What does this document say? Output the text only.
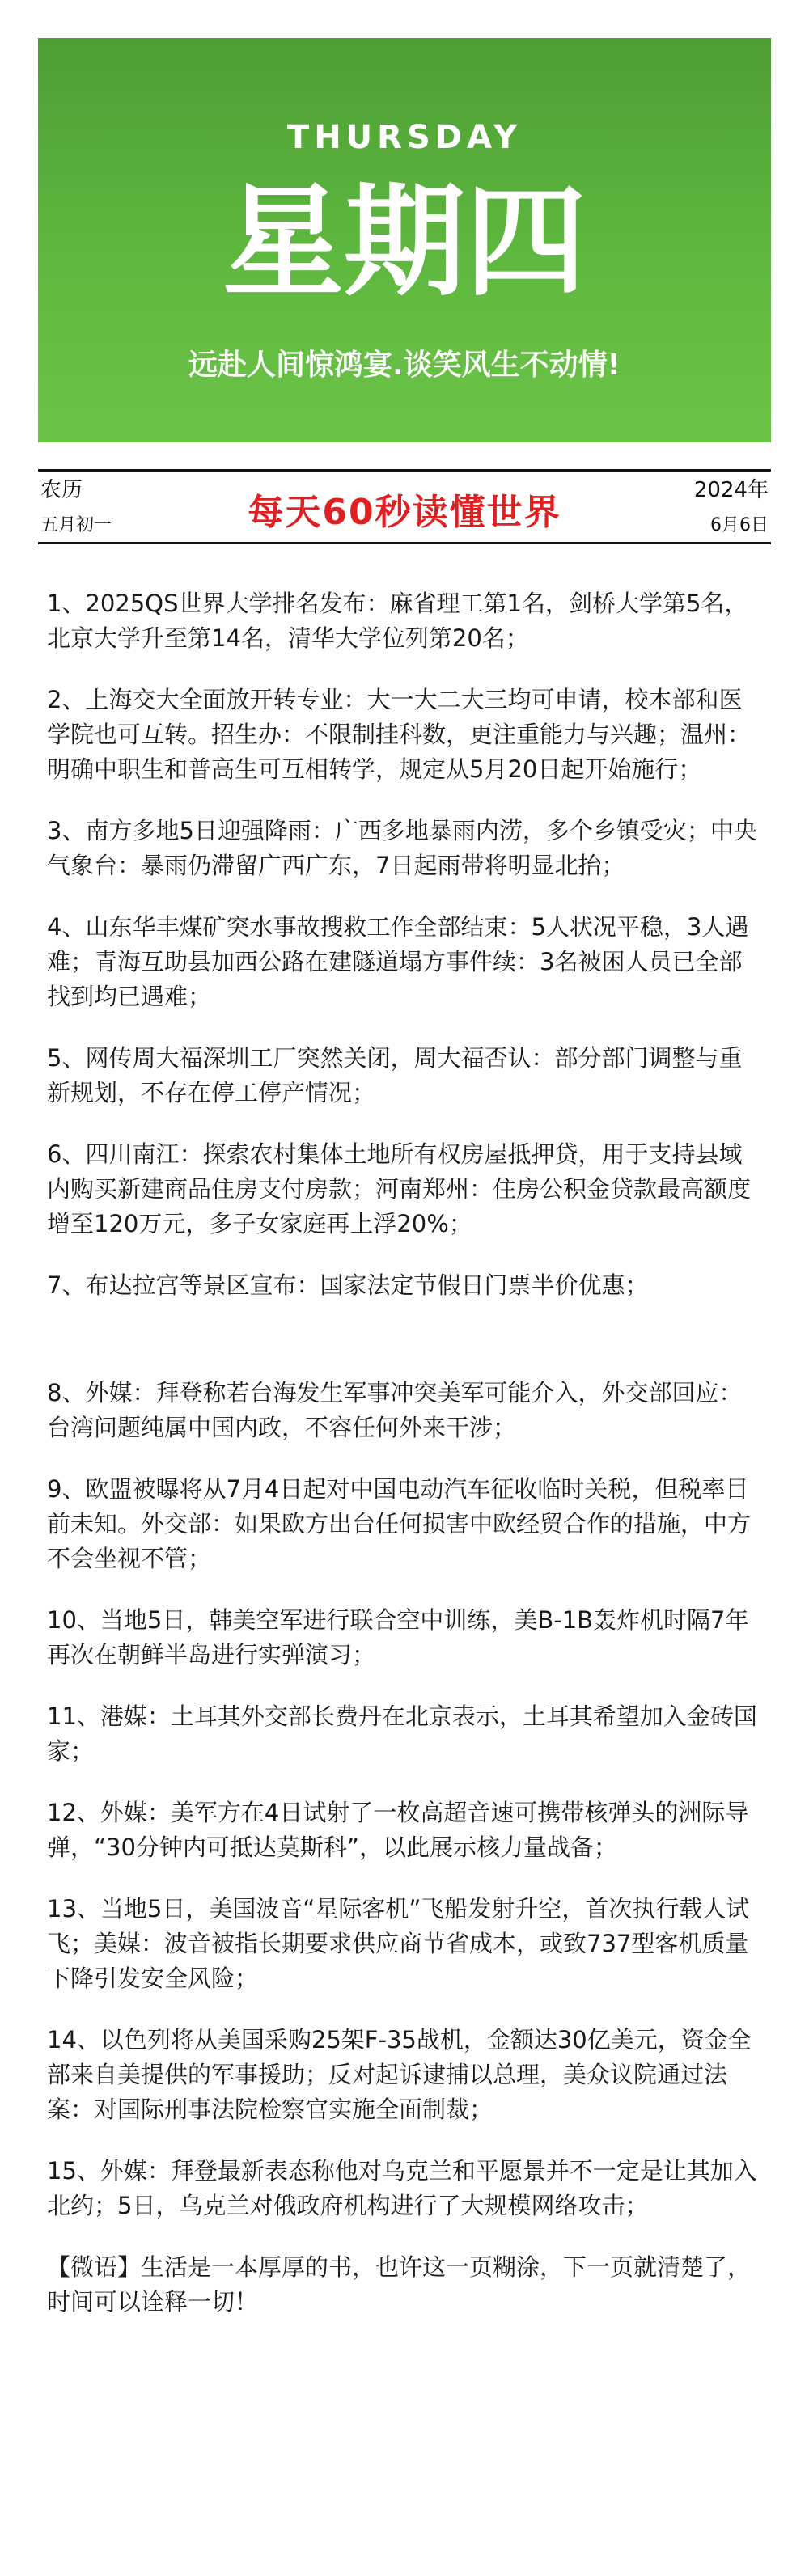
THURSDAY
星期四
远赴人间惊鸿宴.谈笑风生不动情!
农历
五月初一	每天60秒读懂世界
2024年
6月6日

1、2025QS世界大学排名发布：麻省理工第1名，剑桥大学第5名，北京大学升至第14名，清华大学位列第20名；

2、上海交大全面放开转专业：大一大二大三均可申请，校本部和医学院也可互转。招生办：不限制挂科数，更注重能力与兴趣；温州：明确中职生和普高生可互相转学，规定从5月20日起开始施行；

3、南方多地5日迎强降雨：广西多地暴雨内涝，多个乡镇受灾；中央气象台：暴雨仍滞留广西广东，7日起雨带将明显北抬；

4、山东华丰煤矿突水事故搜救工作全部结束：5人状况平稳，3人遇难；青海互助县加西公路在建隧道塌方事件续：3名被困人员已全部找到均已遇难；

5、网传周大福深圳工厂突然关闭，周大福否认：部分部门调整与重新规划，不存在停工停产情况；

6、四川南江：探索农村集体土地所有权房屋抵押贷，用于支持县域内购买新建商品住房支付房款；河南郑州：住房公积金贷款最高额度增至120万元，多子女家庭再上浮20%；

7、布达拉宫等景区宣布：国家法定节假日门票半价优惠；

8、外媒：拜登称若台海发生军事冲突美军可能介入，外交部回应：台湾问题纯属中国内政，不容任何外来干涉；

9、欧盟被曝将从7月4日起对中国电动汽车征收临时关税，但税率目前未知。外交部：如果欧方出台任何损害中欧经贸合作的措施，中方不会坐视不管；

10、当地5日，韩美空军进行联合空中训练，美B-1B轰炸机时隔7年再次在朝鲜半岛进行实弹演习；

11、港媒：土耳其外交部长费丹在北京表示，土耳其希望加入金砖国家；

12、外媒：美军方在4日试射了一枚高超音速可携带核弹头的洲际导弹，“30分钟内可抵达莫斯科”，以此展示核力量战备；

13、当地5日，美国波音“星际客机”飞船发射升空，首次执行载人试飞；美媒：波音被指长期要求供应商节省成本，或致737型客机质量下降引发安全风险；

14、以色列将从美国采购25架F-35战机，金额达30亿美元，资金全部来自美提供的军事援助；反对起诉逮捕以总理，美众议院通过法案：对国际刑事法院检察官实施全面制裁；

15、外媒：拜登最新表态称他对乌克兰和平愿景并不一定是让其加入北约；5日，乌克兰对俄政府机构进行了大规模网络攻击；

【微语】生活是一本厚厚的书，也许这一页糊涂，下一页就清楚了，时间可以诠释一切！
